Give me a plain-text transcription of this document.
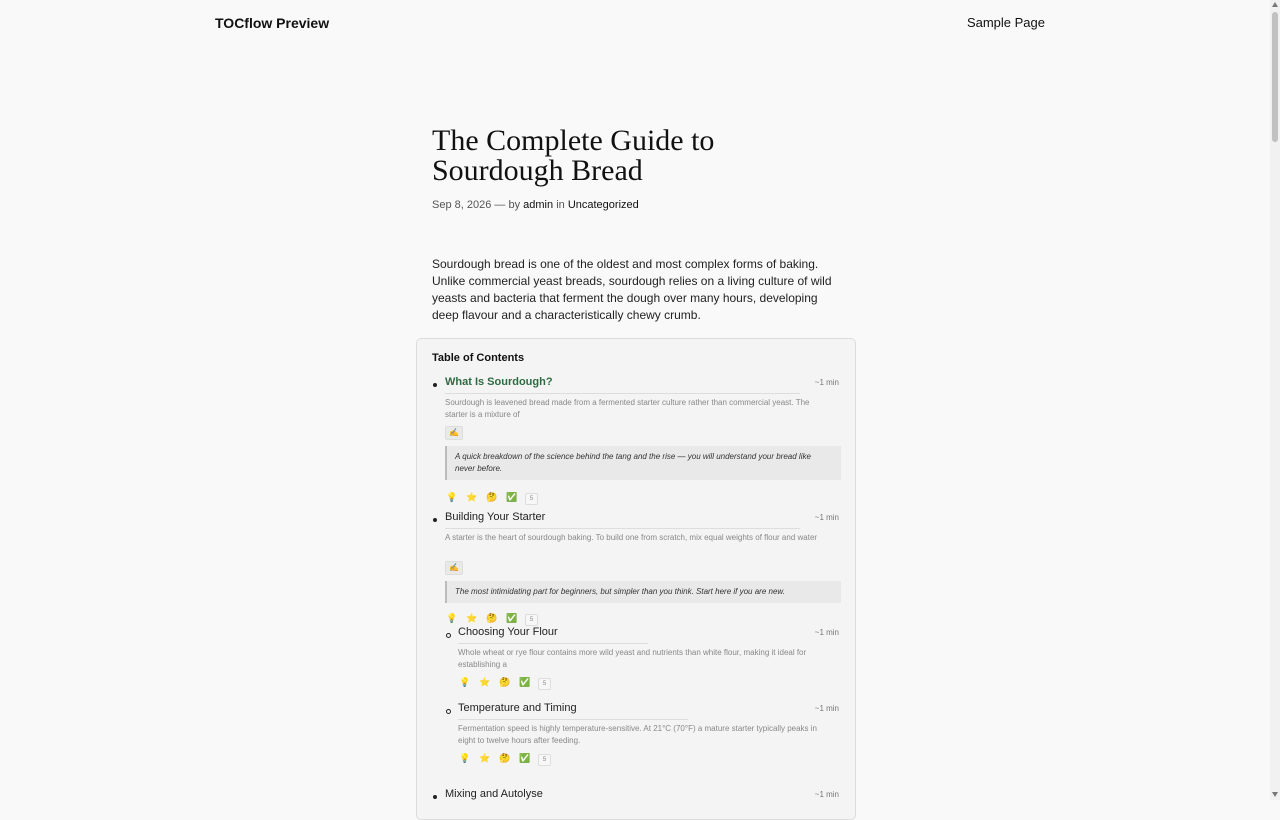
TOCflow Preview	Sample Page
The Complete Guide to Sourdough Bread
Sep 8, 2026 — by admin in Uncategorized

Sourdough bread is one of the oldest and most complex forms of baking. Unlike commercial yeast breads, sourdough relies on a living culture of wild yeasts and bacteria that ferment the dough over many hours, developing deep flavour and a characteristically chewy crumb.

Table of Contents
What Is Sourdough?	~1 min

Sourdough is leavened bread made from a fermented starter culture rather than commercial yeast. The starter is a mixture of

✍

A quick breakdown of the science behind the tang and the rise — you will understand your bread like never before.

💡 ⭐ 🤔 ✅ 5
Building Your Starter	~1 min

A starter is the heart of sourdough baking. To build one from scratch, mix equal weights of flour and water

✍

The most intimidating part for beginners, but simpler than you think. Start here if you are new.

💡 ⭐ 🤔 ✅ 5
Choosing Your Flour	~1 min

Whole wheat or rye flour contains more wild yeast and nutrients than white flour, making it ideal for establishing a

💡 ⭐ 🤔 ✅ 5
Temperature and Timing	~1 min

Fermentation speed is highly temperature-sensitive. At 21°C (70°F) a mature starter typically peaks in eight to twelve hours after feeding.

💡 ⭐ 🤔 ✅ 5
Mixing and Autolyse	~1 min
